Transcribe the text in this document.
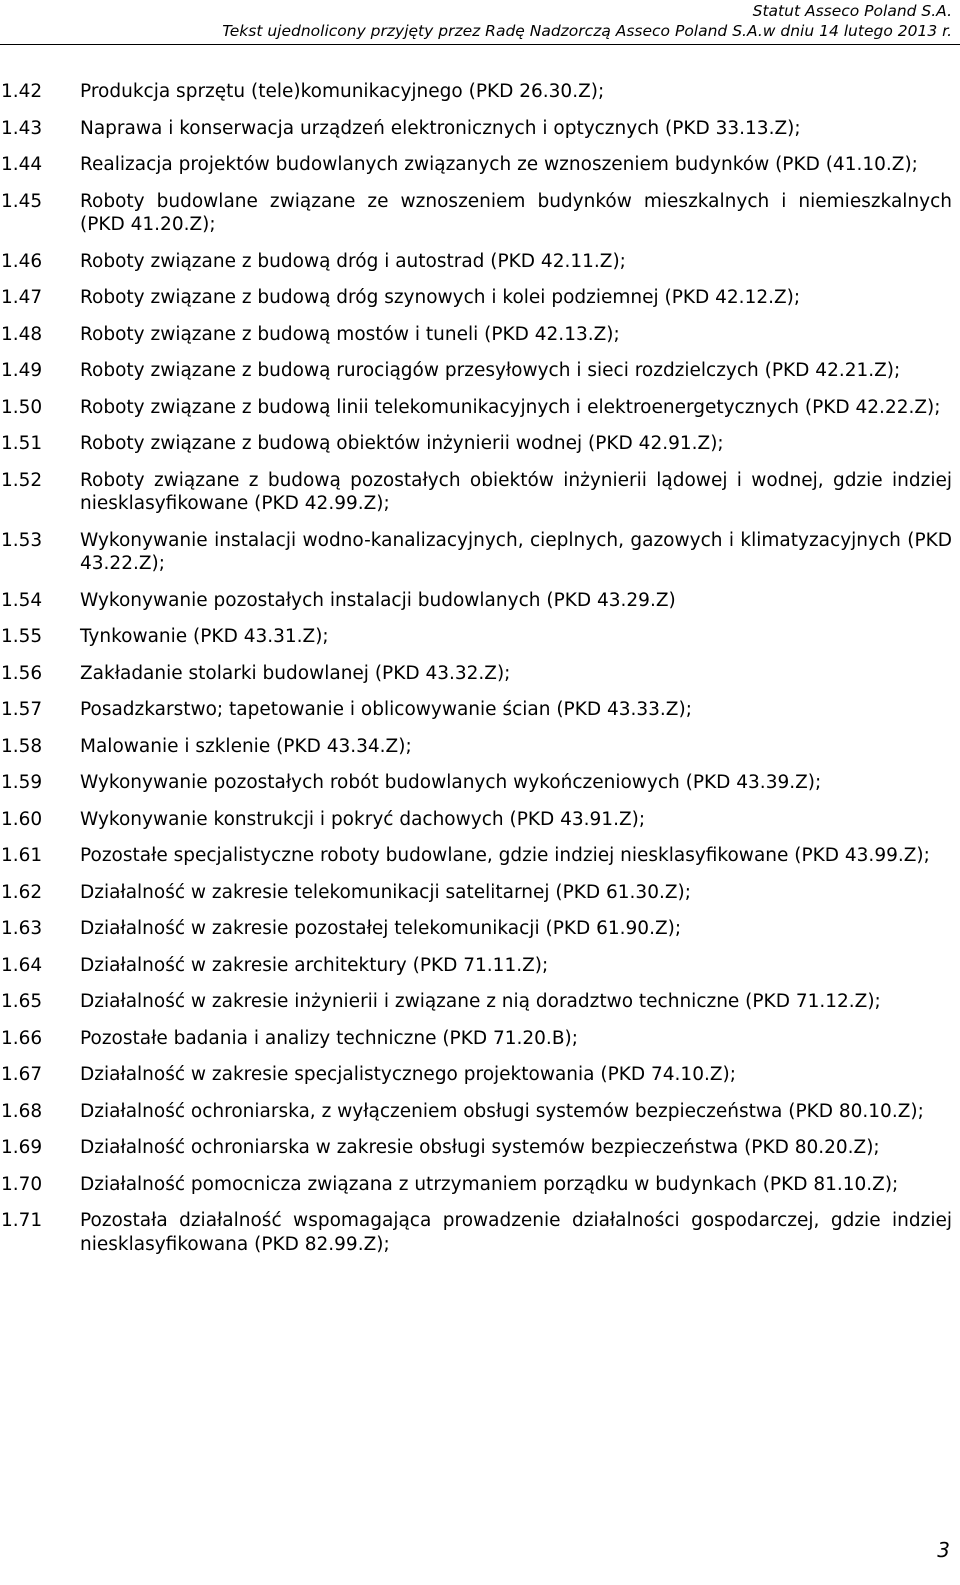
Statut Asseco Poland S.A.
Tekst ujednolicony przyjęty przez Radę Nadzorczą Asseco Poland S.A.w dniu 14 lutego 2013 r.
1.42	Produkcja sprzętu (tele)komunikacyjnego (PKD 26.30.Z);
1.43	Naprawa i konserwacja urządzeń elektronicznych i optycznych (PKD 33.13.Z);
1.44	Realizacja projektów budowlanych związanych ze wznoszeniem budynków (PKD (41.10.Z);
1.45	Roboty budowlane związane ze wznoszeniem budynków mieszkalnych i niemieszkalnych (PKD 41.20.Z);
1.46	Roboty związane z budową dróg i autostrad (PKD 42.11.Z);
1.47	Roboty związane z budową dróg szynowych i kolei podziemnej (PKD 42.12.Z);
1.48	Roboty związane z budową mostów i tuneli (PKD 42.13.Z);
1.49	Roboty związane z budową rurociągów przesyłowych i sieci rozdzielczych (PKD 42.21.Z);
1.50	Roboty związane z budową linii telekomunikacyjnych i elektroenergetycznych (PKD 42.22.Z);
1.51	Roboty związane z budową obiektów inżynierii wodnej (PKD 42.91.Z);
1.52	Roboty związane z budową pozostałych obiektów inżynierii lądowej i wodnej, gdzie indziej niesklasyfikowane (PKD 42.99.Z);
1.53	Wykonywanie instalacji wodno-kanalizacyjnych, cieplnych, gazowych i klimatyzacyjnych (PKD 43.22.Z);
1.54	Wykonywanie pozostałych instalacji budowlanych (PKD 43.29.Z)
1.55	Tynkowanie (PKD 43.31.Z);
1.56	Zakładanie stolarki budowlanej (PKD 43.32.Z);
1.57	Posadzkarstwo; tapetowanie i oblicowywanie ścian (PKD 43.33.Z);
1.58	Malowanie i szklenie (PKD 43.34.Z);
1.59	Wykonywanie pozostałych robót budowlanych wykończeniowych (PKD 43.39.Z);
1.60	Wykonywanie konstrukcji i pokryć dachowych (PKD 43.91.Z);
1.61	Pozostałe specjalistyczne roboty budowlane, gdzie indziej niesklasyfikowane (PKD 43.99.Z);
1.62	Działalność w zakresie telekomunikacji satelitarnej (PKD 61.30.Z);
1.63	Działalność w zakresie pozostałej telekomunikacji (PKD 61.90.Z);
1.64	Działalność w zakresie architektury (PKD 71.11.Z);
1.65	Działalność w zakresie inżynierii i związane z nią doradztwo techniczne (PKD 71.12.Z);
1.66	Pozostałe badania i analizy techniczne (PKD 71.20.B);
1.67	Działalność w zakresie specjalistycznego projektowania (PKD 74.10.Z);
1.68	Działalność ochroniarska, z wyłączeniem obsługi systemów bezpieczeństwa (PKD 80.10.Z);
1.69	Działalność ochroniarska w zakresie obsługi systemów bezpieczeństwa (PKD 80.20.Z);
1.70	Działalność pomocnicza związana z utrzymaniem porządku w budynkach (PKD 81.10.Z);
1.71	Pozostała działalność wspomagająca prowadzenie działalności gospodarczej, gdzie indziej niesklasyfikowana (PKD 82.99.Z);
3
